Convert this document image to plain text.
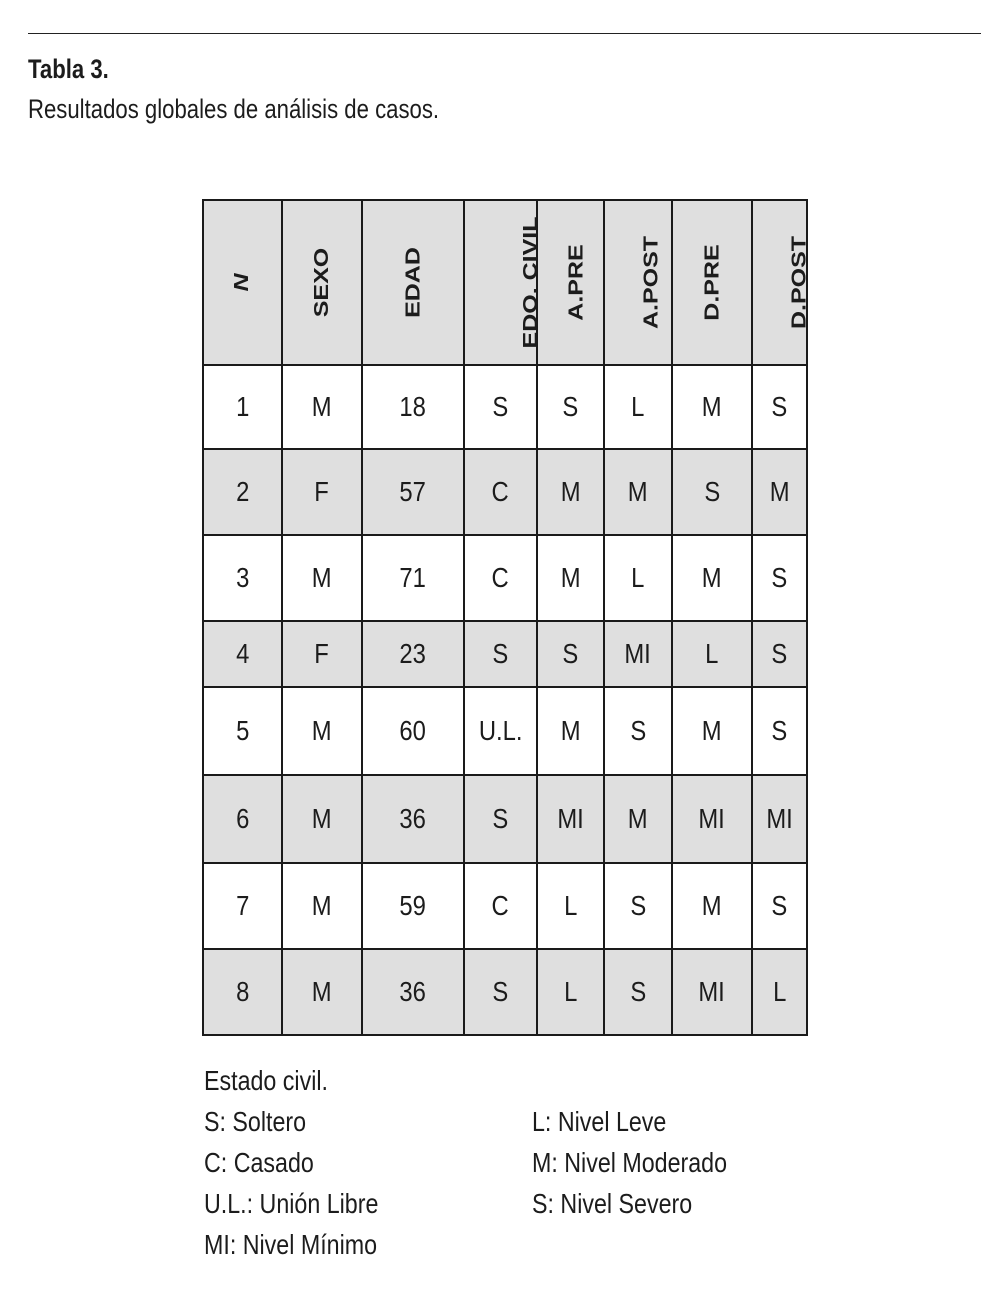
Tabla 3.
Resultados globales de análisis de casos.
N	SEXO	EDAD	EDO. CIVIL	A.PRE	A.POST	D.PRE	D.POST
1	M	18	S	S	L	M	S
2	F	57	C	M	M	S	M
3	M	71	C	M	L	M	S
4	F	23	S	S	MI	L	S
5	M	60	U.L.	M	S	M	S
6	M	36	S	MI	M	MI	MI
7	M	59	C	L	S	M	S
8	M	36	S	L	S	MI	L
Estado civil.
S: Soltero
C: Casado
U.L.: Unión Libre
MI: Nivel Mínimo
L: Nivel Leve
M: Nivel Moderado
S: Nivel Severo
